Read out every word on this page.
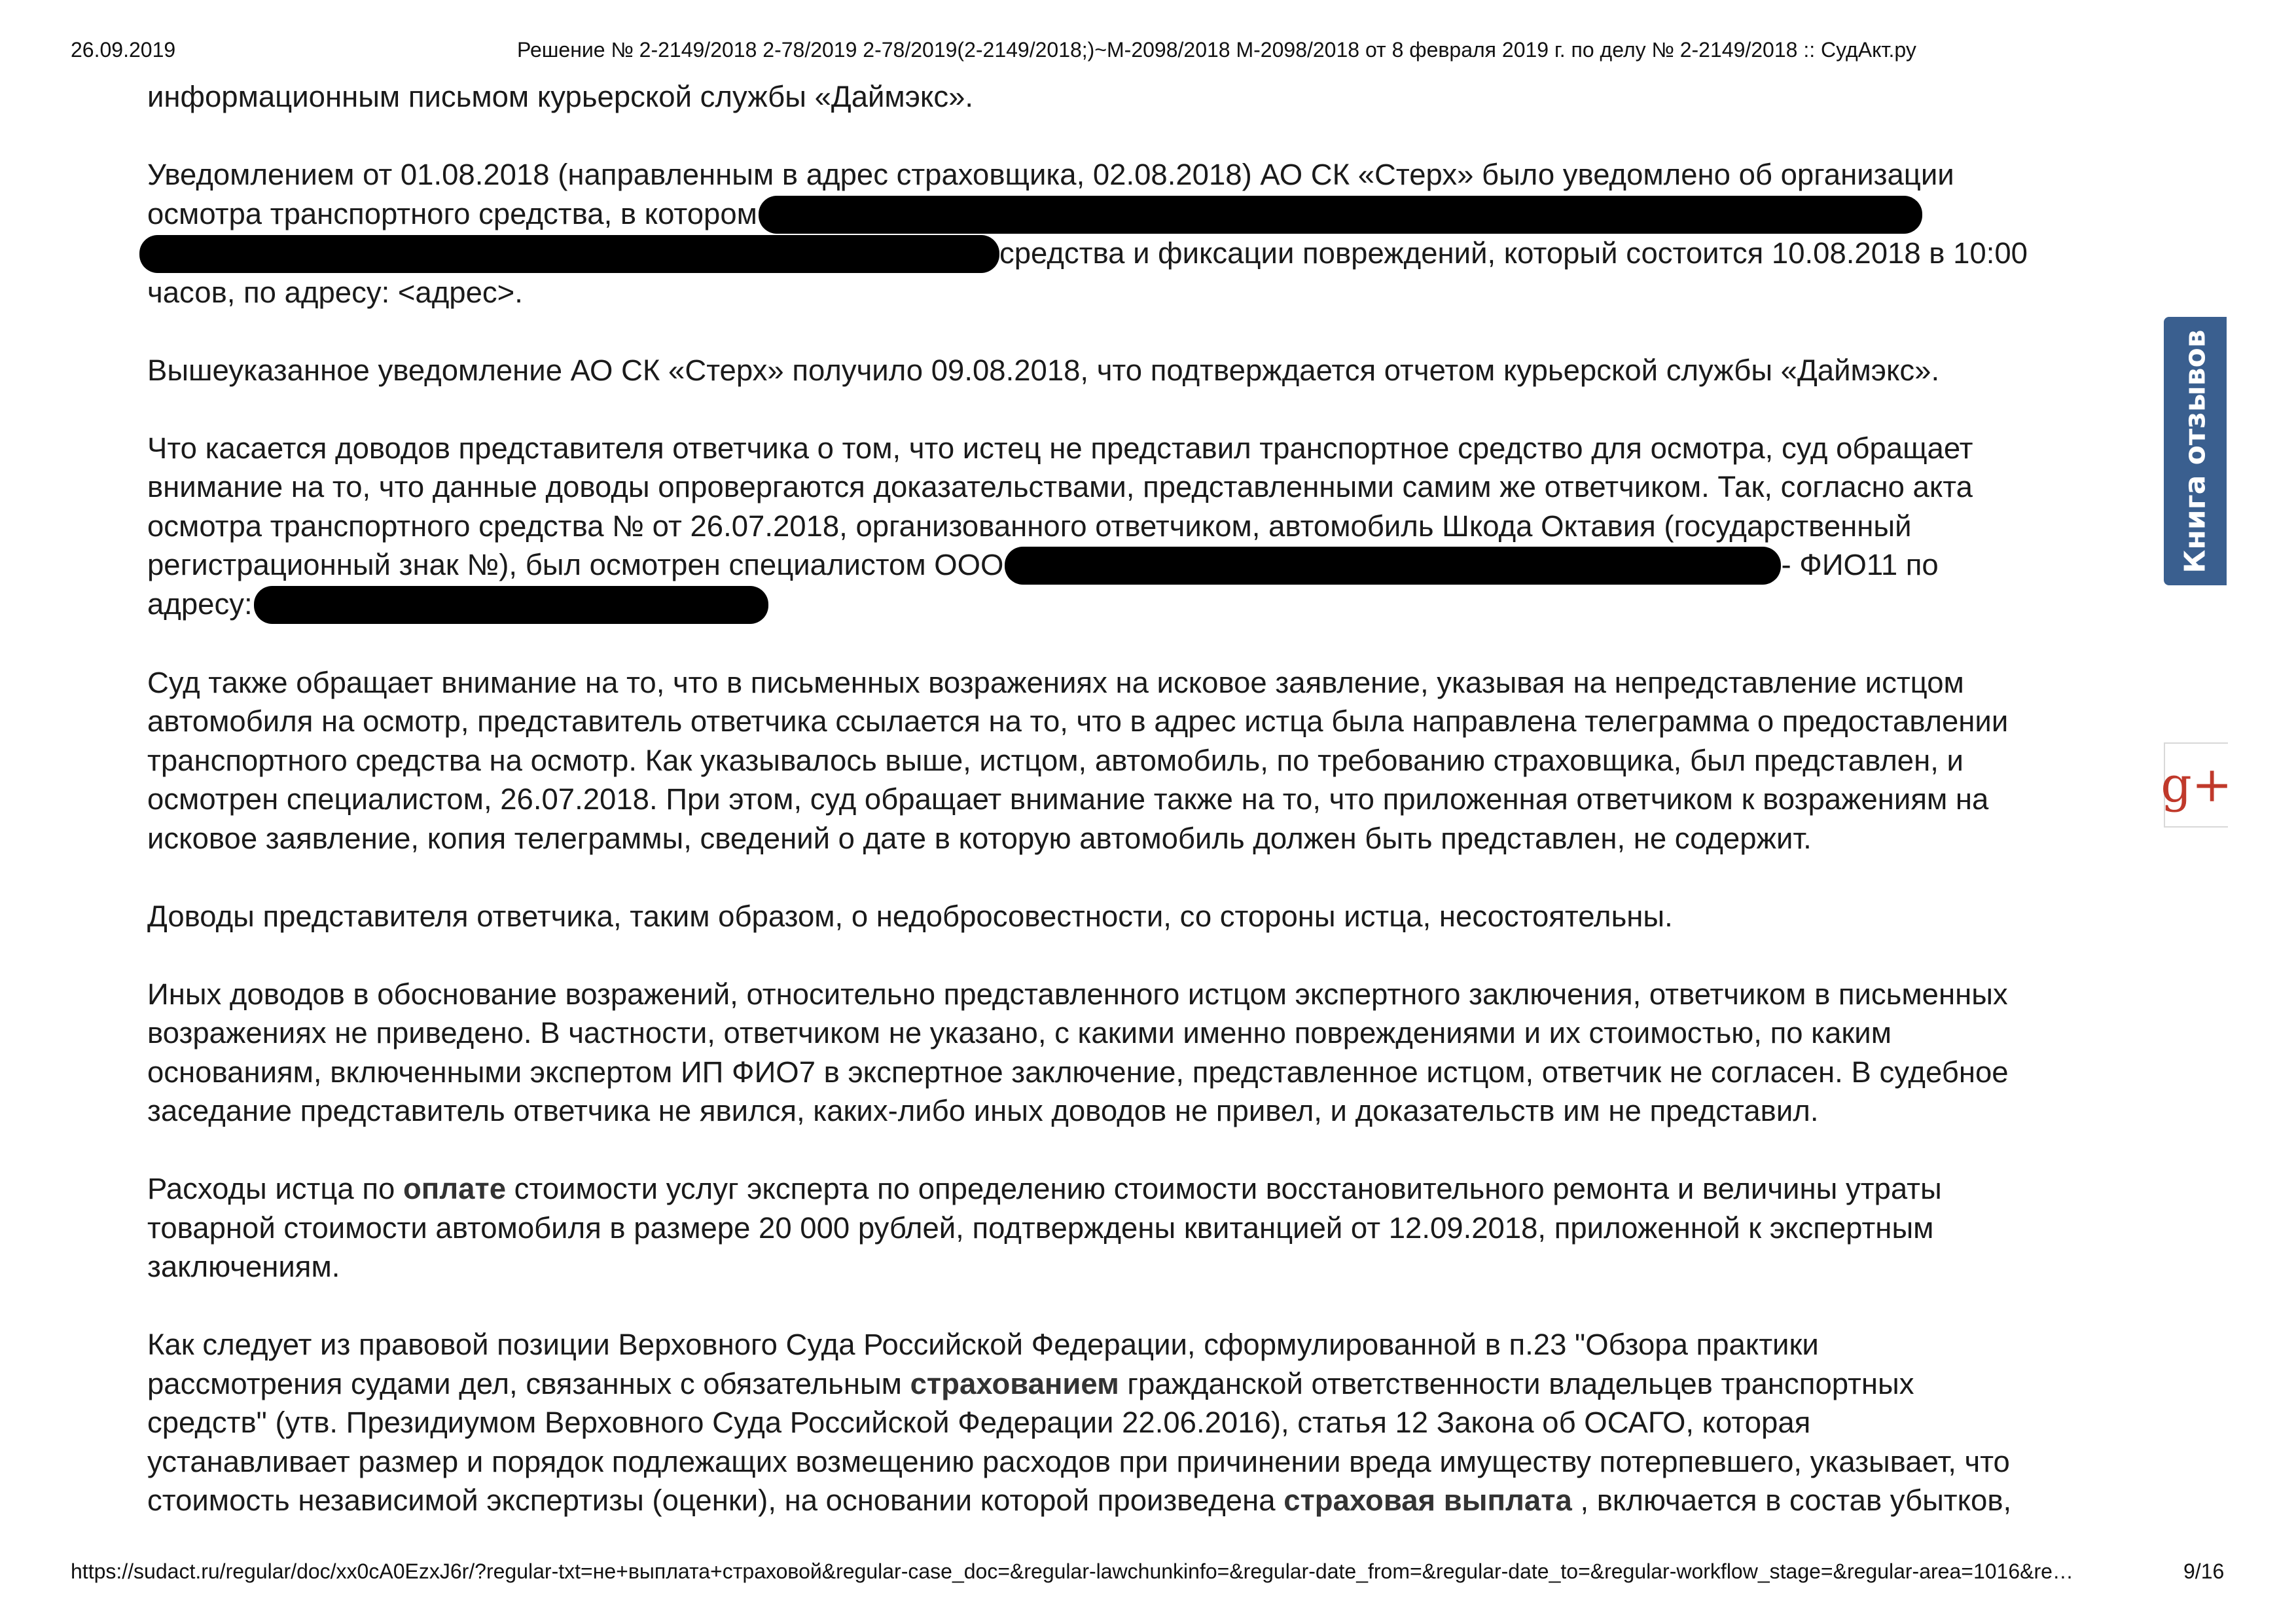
26.09.2019	Решение № 2-2149/2018 2-78/2019 2-78/2019(2-2149/2018;)~М-2098/2018 М-2098/2018 от 8 февраля 2019 г. по делу № 2-2149/2018 :: СудАкт.ру

информационным письмом курьерской службы «Даймэкс».

Уведомлением от 01.08.2018 (направленным в адрес страховщика, 02.08.2018) АО СК «Стерх» было уведомлено об организации
осмотра транспортного средства, в котором
средства и фиксации повреждений, который состоится 10.08.2018 в 10:00
часов, по адресу: <адрес>.

Вышеуказанное уведомление АО СК «Стерх» получило 09.08.2018, что подтверждается отчетом курьерской службы «Даймэкс».

Что касается доводов представителя ответчика о том, что истец не представил транспортное средство для осмотра, суд обращает
внимание на то, что данные доводы опровергаются доказательствами, представленными самим же ответчиком. Так, согласно акта
осмотра транспортного средства № от 26.07.2018, организованного ответчиком, автомобиль Шкода Октавия (государственный
регистрационный знак №), был осмотрен специалистом ООО	- ФИО11 по
адресу:

Суд также обращает внимание на то, что в письменных возражениях на исковое заявление, указывая на непредставление истцом
автомобиля на осмотр, представитель ответчика ссылается на то, что в адрес истца была направлена телеграмма о предоставлении
транспортного средства на осмотр. Как указывалось выше, истцом, автомобиль, по требованию страховщика, был представлен, и
осмотрен специалистом, 26.07.2018. При этом, суд обращает внимание также на то, что приложенная ответчиком к возражениям на
исковое заявление, копия телеграммы, сведений о дате в которую автомобиль должен быть представлен, не содержит.

Доводы представителя ответчика, таким образом, о недобросовестности, со стороны истца, несостоятельны.

Иных доводов в обоснование возражений, относительно представленного истцом экспертного заключения, ответчиком в письменных
возражениях не приведено. В частности, ответчиком не указано, с какими именно повреждениями и их стоимостью, по каким
основаниям, включенными экспертом ИП ФИО7 в экспертное заключение, представленное истцом, ответчик не согласен. В судебное
заседание представитель ответчика не явился, каких-либо иных доводов не привел, и доказательств им не представил.

Расходы истца по оплате стоимости услуг эксперта по определению стоимости восстановительного ремонта и величины утраты
товарной стоимости автомобиля в размере 20 000 рублей, подтверждены квитанцией от 12.09.2018, приложенной к экспертным
заключениям.

Как следует из правовой позиции Верховного Суда Российской Федерации, сформулированной в п.23 "Обзора практики
рассмотрения судами дел, связанных с обязательным страхованием гражданской ответственности владельцев транспортных
средств" (утв. Президиумом Верховного Суда Российской Федерации 22.06.2016), статья 12 Закона об ОСАГО, которая
устанавливает размер и порядок подлежащих возмещению расходов при причинении вреда имуществу потерпевшего, указывает, что
стоимость независимой экспертизы (оценки), на основании которой произведена страховая выплата , включается в состав убытков,

Книга отзывов
g+
https://sudact.ru/regular/doc/xx0cA0EzxJ6r/?regular-txt=не+выплата+страховой&regular-case_doc=&regular-lawchunkinfo=&regular-date_from=&regular-date_to=&regular-workflow_stage=&regular-area=1016&re…	9/16
